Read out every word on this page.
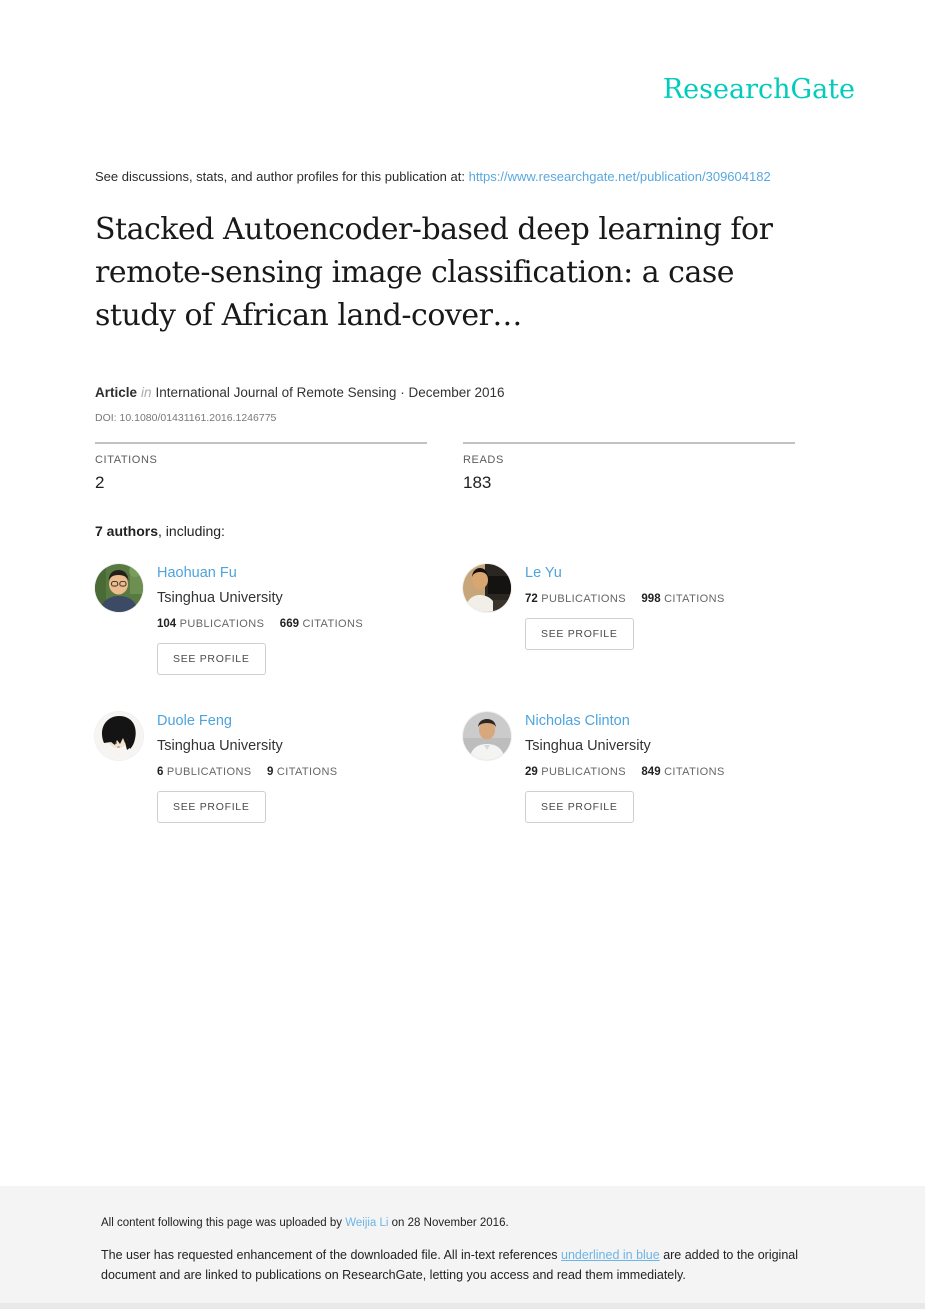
ResearchGate
See discussions, stats, and author profiles for this publication at: https://www.researchgate.net/publication/309604182
Stacked Autoencoder-based deep learning for
remote-sensing image classification: a case
study of African land-cover…
Article in International Journal of Remote Sensing · December 2016
DOI: 10.1080/01431161.2016.1246775
CITATIONS
2
READS
183
7 authors, including:
Haohuan Fu
Tsinghua University
104 PUBLICATIONS 669 CITATIONS
SEE PROFILE
Le Yu
72 PUBLICATIONS 998 CITATIONS
SEE PROFILE
Duole Feng
Tsinghua University
6 PUBLICATIONS 9 CITATIONS
SEE PROFILE
Nicholas Clinton
Tsinghua University
29 PUBLICATIONS 849 CITATIONS
SEE PROFILE
All content following this page was uploaded by Weijia Li on 28 November 2016.
The user has requested enhancement of the downloaded file. All in-text references underlined in blue are added to the original document and are linked to publications on ResearchGate, letting you access and read them immediately.
